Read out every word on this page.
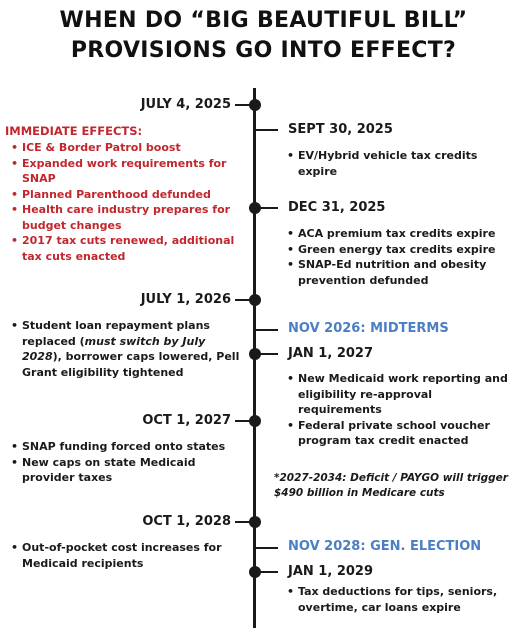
WHEN DO “BIG BEAUTIFUL BILL”
PROVISIONS GO INTO EFFECT?
JULY 4, 2025
IMMEDIATE EFFECTS:
• ICE & Border Patrol boost
• Expanded work requirements for SNAP
• Planned Parenthood defunded
• Health care industry prepares for budget changes
• 2017 tax cuts renewed, additional tax cuts enacted
SEPT 30, 2025
• EV/Hybrid vehicle tax credits expire
DEC 31, 2025
• ACA premium tax credits expire
• Green energy tax credits expire
• SNAP-Ed nutrition and obesity prevention defunded
JULY 1, 2026
• Student loan repayment plans replaced (must switch by July 2028), borrower caps lowered, Pell Grant eligibility tightened
NOV 2026: MIDTERMS
JAN 1, 2027
• New Medicaid work reporting and eligibility re-approval requirements
• Federal private school voucher program tax credit enacted
OCT 1, 2027
• SNAP funding forced onto states
• New caps on state Medicaid provider taxes	*2027-2034: Deficit / PAYGO will trigger $490 billion in Medicare cuts
OCT 1, 2028
• Out-of-pocket cost increases for Medicaid recipients
NOV 2028: GEN. ELECTION
JAN 1, 2029
• Tax deductions for tips, seniors, overtime, car loans expire
